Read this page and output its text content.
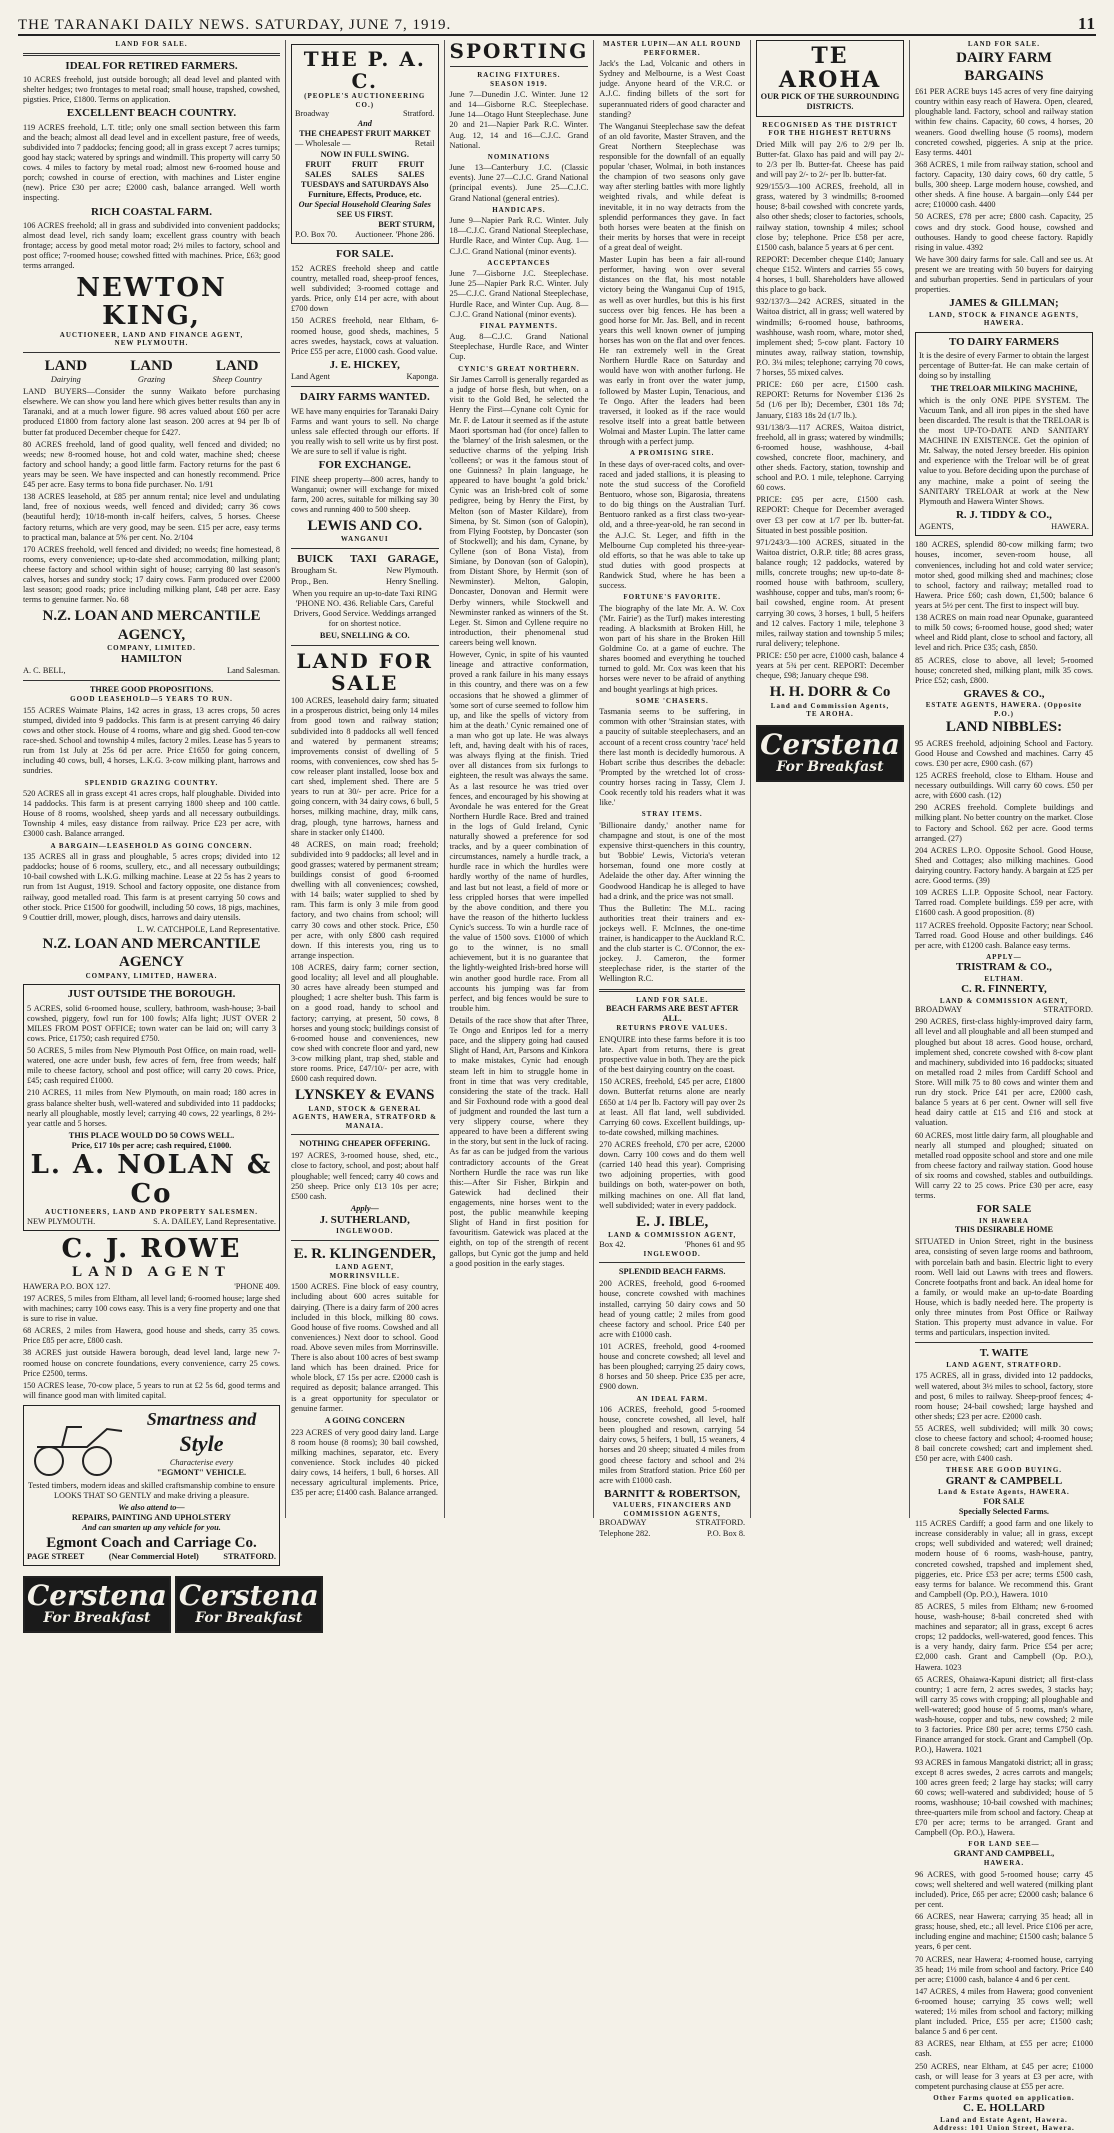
THE TARANAKI DAILY NEWS. SATURDAY, JUNE 7, 1919.	11
LAND FOR SALE.
IDEAL FOR RETIRED FARMERS.

10 ACRES freehold, just outside borough; all dead level and planted with shelter hedges; two frontages to metal road; small house, trapshed, cowshed, pigsties. Price, £1800. Terms on application.

EXCELLENT BEACH COUNTRY.

119 ACRES freehold, L.T. title; only one small section between this farm and the beach; almost all dead level and in excellent pasture, free of weeds, subdivided into 7 paddocks; fencing good; all in grass except 7 acres turnips; good hay stack; watered by springs and windmill. This property will carry 50 cows. 4 miles to factory by metal road; almost new 6-roomed house and porch; cowshed in course of erection, with machines and Lister engine (new). Price £30 per acre; £2000 cash, balance arranged. Well worth inspecting.

RICH COASTAL FARM.

106 ACRES freehold; all in grass and subdivided into convenient paddocks; almost dead level, rich sandy loam; excellent grass country with beach frontage; access by good metal motor road; 2½ miles to factory, school and post office; 7-roomed house; cowshed fitted with machines. Price, £63; good terms arranged.

NEWTON KING,
AUCTIONEER, LAND AND FINANCE AGENT,
NEW PLYMOUTH.
LAND	LAND	LAND
Dairying	Grazing	Sheep Country

LAND BUYERS—Consider the sunny Waikato before purchasing elsewhere. We can show you land here which gives better results than any in Taranaki, and at a much lower figure. 98 acres valued about £60 per acre produced £1800 from factory alone last season. 200 acres at 94 per lb of butter fat produced December cheque for £427.

80 ACRES freehold, land of good quality, well fenced and divided; no weeds; new 8-roomed house, hot and cold water, machine shed; cheese factory and school handy; a good little farm. Factory returns for the past 6 years may be seen. We have inspected and can honestly recommend. Price £45 per acre. Easy terms to bona fide purchaser. No. 1/91

138 ACRES leasehold, at £85 per annum rental; nice level and undulating land, free of noxious weeds, well fenced and divided; carry 36 cows (beautiful herd); 10/18-month in-calf heifers, calves, 5 horses. Cheese factory returns, which are very good, may be seen. £15 per acre, easy terms to practical man, balance at 5% per cent. No. 2/104

170 ACRES freehold, well fenced and divided; no weeds; fine homestead, 8 rooms, every convenience; up-to-date shed accommodation, milking plant; cheese factory and school within sight of house; carrying 80 last season's calves, horses and sundry stock; 17 dairy cows. Farm produced over £2000 last season; good roads; price including milking plant, £48 per acre. Easy terms to genuine farmer. No. 68

N.Z. LOAN AND MERCANTILE AGENCY,
COMPANY, LIMITED.
HAMILTON
A. C. BELL,	Land Salesman.
THREE GOOD PROPOSITIONS.
GOOD LEASEHOLD—5 YEARS TO RUN.

155 ACRES Waimate Plains, 142 acres in grass, 13 acres crops, 50 acres stumped, divided into 9 paddocks. This farm is at present carrying 46 dairy cows and other stock. House of 4 rooms, whare and gig shed. Good ten-cow race-shed. School and township 4 miles, factory 2 miles. Lease has 5 years to run from 1st July at 25s 6d per acre. Price £1650 for going concern, including 40 cows, bull, 4 horses, L.K.G. 3-cow milking plant, harrows and sundries.

SPLENDID GRAZING COUNTRY.

520 ACRES all in grass except 41 acres crops, half ploughable. Divided into 14 paddocks. This farm is at present carrying 1800 sheep and 100 cattle. House of 8 rooms, woolshed, sheep yards and all necessary outbuildings. Township 4 miles, easy distance from railway. Price £23 per acre, with £3000 cash. Balance arranged.

A BARGAIN—LEASEHOLD AS GOING CONCERN.

135 ACRES all in grass and ploughable, 5 acres crops; divided into 12 paddocks; house of 6 rooms, scullery, etc., and all necessary outbuildings; 10-bail cowshed with L.K.G. milking machine. Lease at 22 5s has 2 years to run from 1st August, 1919. School and factory opposite, one distance from railway, good metalled road. This farm is at present carrying 50 cows and other stock. Price £1500 for goodwill, including 50 cows, 18 pigs, machines, 9 Couttier drill, mower, plough, discs, harrows and dairy utensils.

L. W. CATCHPOLE, Land Representative.
N.Z. LOAN AND MERCANTILE AGENCY
COMPANY, LIMITED, HAWERA.
JUST OUTSIDE THE BOROUGH.

5 ACRES, solid 6-roomed house, scullery, bathroom, wash-house; 3-bail cowshed, piggery, fowl run for 100 fowls; Alfa light; JUST OVER 2 MILES FROM POST OFFICE; town water can be laid on; will carry 3 cows. Price, £1750; cash required £750.

50 ACRES, 5 miles from New Plymouth Post Office, on main road, well-watered, one acre under bush, few acres of fern, free from weeds; half mile to cheese factory, school and post office; will carry 20 cows. Price, £45; cash required £1000.

210 ACRES, 11 miles from New Plymouth, on main road; 180 acres in grass balance shelter bush, well-watered and subdivided into 11 paddocks; nearly all ploughable, mostly level; carrying 40 cows, 22 yearlings, 8 2½-year cattle and 5 horses.

THIS PLACE WOULD DO 50 COWS WELL.
Price, £17 10s per acre; cash required, £1000.
L. A. NOLAN & Co
AUCTIONEERS, LAND AND PROPERTY SALESMEN.
NEW PLYMOUTH.	S. A. DAILEY, Land Representative.
C. J. ROWE
LAND AGENT
HAWERA P.O. BOX 127.	'PHONE 409.

197 ACRES, 5 miles from Eltham, all level land; 6-roomed house; large shed with machines; carry 100 cows easy. This is a very fine property and one that is sure to rise in value.

68 ACRES, 2 miles from Hawera, good house and sheds, carry 35 cows. Price £85 per acre, £800 cash.

38 ACRES just outside Hawera borough, dead level land, large new 7-roomed house on concrete foundations, every convenience, carry 25 cows. Price £2500, terms.

150 ACRES lease, 70-cow place, 5 years to run at £2 5s 6d, good terms and will finance good man with limited capital.

Smartness and
Style
Characterise every
"EGMONT" VEHICLE.

Tested timbers, modern ideas and skilled craftsmanship combine to ensure LOOKS THAT SO GENTLY and make driving a pleasure.

We also attend to—
REPAIRS, PAINTING AND UPHOLSTERY
And can smarten up any vehicle for you.
Egmont Coach and Carriage Co.
PAGE STREET	(Near Commercial Hotel)	STRATFORD.
Cerstena
For Breakfast
Cerstena
For Breakfast
THE P. A. C.
(PEOPLE'S AUCTIONEERING CO.)
Broadway	Stratford.
And
THE CHEAPEST FRUIT MARKET
— Wholesale —	Retail
NOW IN FULL SWING.
FRUIT SALES
FRUIT SALES
FRUIT SALES
TUESDAYS and SATURDAYS Also Furniture, Effects, Produce, etc.
Our Special Household Clearing Sales
SEE US FIRST.
BERT STURM,
P.O. Box 70. Auctioneer. 'Phone 286.
FOR SALE.

152 ACRES freehold sheep and cattle country, metalled road, sheep-proof fences, well subdivided; 3-roomed cottage and yards. Price, only £14 per acre, with about £700 down

150 ACRES freehold, near Eltham, 6-roomed house, good sheds, machines, 5 acres swedes, haystack, cows at valuation. Price £55 per acre, £1000 cash. Good value.

J. E. HICKEY,
Land Agent	Kaponga.
DAIRY FARMS WANTED.

WE have many enquiries for Taranaki Dairy Farms and want yours to sell. No charge unless sale effected through our efforts. If you really wish to sell write us by first post. We are sure to sell if value is right.

FOR EXCHANGE.

FINE sheep property—800 acres, handy to Wanganui; owner will exchange for mixed farm, 200 acres, suitable for milking say 30 cows and running 400 to 500 sheep.

LEWIS AND CO.
WANGANUI
BUICK	TAXI GARAGE,
Brougham St.	New Plymouth.
Prop., Ben.	Henry Snelling.

When you require an up-to-date Taxi RING 'PHONE NO. 436. Reliable Cars, Careful Drivers, Good Service. Weddings arranged for on shortest notice.

BEU, SNELLING & CO.
LAND FOR SALE

100 ACRES, leasehold dairy farm; situated in a prosperous district, being only 14 miles from good town and railway station; subdivided into 8 paddocks all well fenced and watered by permanent streams; improvements consist of dwelling of 5 rooms, with conveniences, cow shed has 5-cow releaser plant installed, loose box and cart shed, implement shed. There are 5 years to run at 30/- per acre. Price for a going concern, with 34 dairy cows, 6 bull, 5 horses, milking machine, dray, milk cans, drag, plough, tyne harrows, harness and share in stacker only £1400.

48 ACRES, on main road; freehold; subdivided into 9 paddocks; all level and in good grasses; watered by permanent stream; buildings consist of good 6-roomed dwelling with all conveniences; cowshed, with 14 bails; water supplied to shed by ram. This farm is only 3 mile from good factory, and two chains from school; will carry 30 cows and other stock. Price, £50 per acre, with only £800 cash required down. If this interests you, ring us to arrange inspection.

108 ACRES, dairy farm; corner section, good locality; all level and all ploughable. 30 acres have already been stumped and ploughed; 1 acre shelter bush. This farm is on a good road, handy to school and factory; carrying, at present, 50 cows, 8 horses and young stock; buildings consist of 6-roomed house and conveniences, new cow shed with concrete floor and yard, new 3-cow milking plant, trap shed, stable and store rooms. Price, £47/10/- per acre, with £600 cash required down.

LYNSKEY & EVANS
LAND, STOCK & GENERAL AGENTS, HAWERA, STRATFORD & MANAIA.
NOTHING CHEAPER OFFERING.

197 ACRES, 3-roomed house, shed, etc., close to factory, school, and post; about half ploughable; well fenced; carry 40 cows and 250 sheep. Price only £13 10s per acre; £500 cash.

Apply—
J. SUTHERLAND,
INGLEWOOD.
E. R. KLINGENDER,
LAND AGENT,
MORRINSVILLE.

1500 ACRES. Fine block of easy country, including about 600 acres suitable for dairying. (There is a dairy farm of 200 acres included in this block, milking 80 cows. Good house of five rooms. Cowshed and all conveniences.) Next door to school. Good road. Above seven miles from Morrinsville. There is also about 100 acres of best swamp land which has been drained. Price for whole block, £7 15s per acre. £2000 cash is required as deposit; balance arranged. This is a great opportunity for speculator or genuine farmer.

A GOING CONCERN

223 ACRES of very good dairy land. Large 8 room house (8 rooms); 30 bail cowshed, milking machines, separator, etc. Every convenience. Stock includes 40 picked dairy cows, 14 heifers, 1 bull, 6 horses. All necessary agricultural implements. Price, £35 per acre; £1400 cash. Balance arranged.

SPORTING
RACING FIXTURES.
SEASON 1919.

June 7—Dunedin J.C. Winter. June 12 and 14—Gisborne R.C. Steeplechase. June 14—Otago Hunt Steeplechase. June 20 and 21—Napier Park R.C. Winter. Aug. 12, 14 and 16—C.J.C. Grand National.

NOMINATIONS

June 13—Canterbury J.C. (Classic events). June 27—C.J.C. Grand National (principal events). June 25—C.J.C. Grand National (general entries).

HANDICAPS.

June 9—Napier Park R.C. Winter. July 18—C.J.C. Grand National Steeplechase, Hurdle Race, and Winter Cup. Aug. 1—C.J.C. Grand National (minor events).

ACCEPTANCES

June 7—Gisborne J.C. Steeplechase. June 25—Napier Park R.C. Winter. July 25—C.J.C. Grand National Steeplechase, Hurdle Race, and Winter Cup. Aug. 8—C.J.C. Grand National (minor events).

FINAL PAYMENTS.

Aug. 8—C.J.C. Grand National Steeplechase, Hurdle Race, and Winter Cup.

CYNIC'S GREAT NORTHERN.

Sir James Carroll is generally regarded as a judge of horse flesh, but when, on a visit to the Gold Bed, he selected the Henry the First—Cynane colt Cynic for Mr. F. de Latour it seemed as if the astute Maori sportsman had (for once) fallen to the 'blarney' of the Irish salesmen, or the seductive charms of the yelping Irish 'colleens'; or was it the famous stout of one Guinness? In plain language, he appeared to have bought 'a gold brick.' Cynic was an Irish-bred colt of some pedigree, being by Henry the First, by Melton (son of Master Kildare), from Simena, by St. Simon (son of Galopin), from Flying Footstep, by Doncaster (son of Stockwell); and his dam, Cynane, by Cyllene (son of Bona Vista), from Simiane, by Donovan (son of Galopin), from Distant Shore, by Hermit (son of Newminster). Melton, Galopin, Doncaster, Donovan and Hermit were Derby winners, while Stockwell and Newminster ranked as winners of the St. Leger. St. Simon and Cyllene require no introduction, their phenomenal stud careers being well known.

However, Cynic, in spite of his vaunted lineage and attractive conformation, proved a rank failure in his many essays in this country, and there was on a few occasions that he showed a glimmer of 'some sort of curse seemed to follow him up, and like the spells of victory from him at the death.' Cynic remained one of a man who got up late. He was always left, and, having dealt with his of races, was always flying at the finish. Tried over all distances from six furlongs to eighteen, the result was always the same. As a last resource he was tried over fences, and encouraged by his showing at Avondale he was entered for the Great Northern Hurdle Race. Bred and trained in the logs of Guld Ireland, Cynic naturally showed a preference for sod tracks, and by a queer combination of circumstances, namely a hurdle track, a hurdle race in which the hurdles were hardly worthy of the name of hurdles, and last but not least, a field of more or less crippled horses that were impelled by the above condition, and there you have the reason of the hitherto luckless Cynic's success. To win a hurdle race of the value of 1500 sovs. £1000 of which go to the winner, is no small achievement, but it is no guarantee that the lightly-weighted Irish-bred horse will win another good hurdle race. From all accounts his jumping was far from perfect, and big fences would be sure to trouble him.

Details of the race show that after Three, Te Ongo and Enripos led for a merry pace, and the slippery going had caused Slight of Hand, Art, Parsons and Kinkora to make mistakes, Cynic had enough steam left in him to struggle home in front in time that was very creditable, considering the state of the track. Hall and Sir Foxhound rode with a good deal of judgment and rounded the last turn a very slippery course, where they appeared to have been a different swing in the story, but sent in the luck of racing. As far as can be judged from the various contradictory accounts of the Great Northern Hurdle the race was run like this:—After Sir Fisher, Birkpin and Gatewick had declined their engagements, nine horses went to the post, the public meanwhile keeping Slight of Hand in first position for favouritism. Gatewick was placed at the eighth, on top of the strength of recent gallops, but Cynic got the jump and held a good position in the early stages.

MASTER LUPIN—AN ALL ROUND PERFORMER.

Jack's the Lad, Volcanic and others in Sydney and Melbourne, is a West Coast judge. Anyone heard of the V.R.C. or A.J.C. finding billets of the sort for superannuated riders of good character and standing?

The Wanganui Steeplechase saw the defeat of an old favorite, Master Straven, and the Great Northern Steeplechase was responsible for the downfall of an equally popular 'chaser, Wolmai, in both instances the champion of two seasons only gave way after sterling battles with more lightly weighted rivals, and while defeat is inevitable, it in no way detracts from the splendid performances they gave. In fact both horses were beaten at the finish on their merits by horses that were in receipt of a great deal of weight.

Master Lupin has been a fair all-round performer, having won over several distances on the flat, his most notable victory being the Wanganui Cup of 1915, as well as over hurdles, but this is his first success over big fences. He has been a good horse for Mr. Jas. Bell, and in recent years this well known owner of jumping horses has won on the flat and over fences. He ran extremely well in the Great Northern Hurdle Race on Saturday and would have won with another furlong. He was early in front over the water jump, followed by Master Lupin, Tenacious, and Te Ongo. After the leaders had been traversed, it looked as if the race would resolve itself into a great battle between Wolmai and Master Lupin. The latter came through with a perfect jump.

A PROMISING SIRE.

In these days of over-raced colts, and over-raced and jaded stallions, it is pleasing to note the stud success of the Corofield Bentuoro, whose son, Bigarosia, threatens to do big things on the Australian Turf. Bentuoro ranked as a first class two-year-old, and a three-year-old, he ran second in the A.J.C. St. Leger, and fifth in the Melbourne Cup completed his three-year-old efforts, so that he was able to take up stud duties with good prospects at Randwick Stud, where he has been a success.

FORTUNE'S FAVORITE.

The biography of the late Mr. A. W. Cox ('Mr. Fairie') as the Turf) makes interesting reading. A blacksmith at Broken Hill, he won part of his share in the Broken Hill Goldmine Co. at a game of euchre. The shares boomed and everything he touched turned to gold. Mr. Cox was keen that his horses were never to be afraid of anything and bought yearlings at high prices.

SOME 'CHASERS.

Tasmania seems to be suffering, in common with other 'Strainsian states, with a paucity of suitable steeplechasers, and an account of a recent cross country 'race' held there last month is decidedly humorous. A Hobart scribe thus describes the debacle: 'Prompted by the wretched lot of cross-country horses racing in Tassy, Clem J. Cook recently told his readers what it was like.'

STRAY ITEMS.

'Billionaire dandy,' another name for champagne and stout, is one of the most expensive thirst-quenchers in this country, but 'Bobbie' Lewis, Victoria's veteran horseman, found one more costly at Adelaide the other day. After winning the Goodwood Handicap he is alleged to have had a drink, and the price was not small.

Thus the Bulletin: The M.L. racing authorities treat their trainers and ex-jockeys well. F. McInnes, the one-time trainer, is handicapper to the Auckland R.C. and the club starter is C. O'Connor, the ex-jockey. J. Cameron, the former steeplechase rider, is the starter of the Wellington R.C.

LAND FOR SALE.
BEACH FARMS ARE BEST AFTER ALL.
RETURNS PROVE VALUES.

ENQUIRE into these farms before it is too late. Apart from returns, there is great prospective value in both. They are the pick of the best dairying country on the coast.

150 ACRES, freehold, £45 per acre, £1800 down. Butterfat returns alone are nearly £650 at 1/4 per lb. Factory will pay over 2s at least. All flat land, well subdivided. Carrying 60 cows. Excellent buildings, up-to-date cowshed, milking machines.

270 ACRES freehold, £70 per acre, £2000 down. Carry 100 cows and do them well (carried 140 head this year). Comprising two adjoining properties, with good buildings on both, water-power on both, milking machines on one. All flat land, well subdivided; water in every paddock.

E. J. IBLE,
LAND & COMMISSION AGENT,
Box 42.	'Phones 61 and 95
INGLEWOOD.
SPLENDID BEACH FARMS.

200 ACRES, freehold, good 6-roomed house, concrete cowshed with machines installed, carrying 50 dairy cows and 50 head of young cattle; 2 miles from good cheese factory and school. Price £40 per acre with £1000 cash.

101 ACRES, freehold, good 4-roomed house and concrete cowshed; all level and has been ploughed; carrying 25 dairy cows, 8 horses and 50 sheep. Price £35 per acre, £900 down.

AN IDEAL FARM.

106 ACRES, freehold, good 5-roomed house, concrete cowshed, all level, half been ploughed and resown, carrying 54 dairy cows, 5 heifers, 1 bull, 15 weaners, 4 horses and 20 sheep; situated 4 miles from good cheese factory and school and 2¼ miles from Stratford station. Price £60 per acre with £1000 cash.

BARNITT & ROBERTSON,
VALUERS, FINANCIERS AND COMMISSION AGENTS,
BROADWAY	STRATFORD.
Telephone 282.	P.O. Box 8.
TE AROHA
OUR PICK OF THE SURROUNDING DISTRICTS.
RECOGNISED AS THE DISTRICT FOR THE HIGHEST RETURNS

Dried Milk will pay 2/6 to 2/9 per lb. Butter-fat. Glaxo has paid and will pay 2/- to 2/3 per lb. Butter-fat. Cheese has paid and will pay 2/- to 2/- per lb. butter-fat.

929/155/3—100 ACRES, freehold, all in grass, watered by 3 windmills; 8-roomed house; 8-bail cowshed with concrete yards, also other sheds; closer to factories, schools, railway station, township 4 miles; school close by; telephone. Price £58 per acre, £1500 cash, balance 5 years at 6 per cent.

REPORT: December cheque £140; January cheque £152. Winters and carries 55 cows, 4 horses, 1 bull. Shareholders have allowed this place to go back.

932/137/3—242 ACRES, situated in the Waitoa district, all in grass; well watered by windmills; 6-roomed house, bathrooms, washhouse, wash room, whare, motor shed, implement shed; 5-cow plant. Factory 10 minutes away, railway station, township, P.O. 3¼ miles; telephone; carrying 70 cows, 7 horses, 55 mixed calves.

PRICE: £60 per acre, £1500 cash. REPORT: Returns for November £136 2s 5d (1/6 per lb); December, £301 18s 7d; January, £183 18s 2d (1/7 lb.).

931/138/3—117 ACRES, Waitoa district, freehold, all in grass; watered by windmills; 6-roomed house, washhouse, 4-bail cowshed, concrete floor, machinery, and other sheds. Factory, station, township and school and P.O. 1 mile, telephone. Carrying 60 cows.

PRICE: £95 per acre, £1500 cash. REPORT: Cheque for December averaged over £3 per cow at 1/7 per lb. butter-fat. Situated in best possible position.

971/243/3—100 ACRES, situated in the Waitoa district, O.R.P. title; 88 acres grass, balance rough; 12 paddocks, watered by mills, concrete troughs; new up-to-date 8-roomed house with bathroom, scullery, washhouse, copper and tubs, man's room; 6-bail cowshed, engine room. At present carrying 30 cows, 3 horses, 1 bull, 5 heifers and 12 calves. Factory 1 mile, telephone 3 miles, railway station and township 5 miles; rural delivery; telephone.

PRICE: £50 per acre, £1000 cash, balance 4 years at 5¾ per cent. REPORT: December cheque, £98; January cheque £98.

H. H. DORR & Co
Land and Commission Agents,
TE AROHA.
Cerstena
For Breakfast
LAND FOR SALE.
DAIRY FARM BARGAINS

£61 PER ACRE buys 145 acres of very fine dairying country within easy reach of Hawera. Open, cleared, ploughable land. Factory, school and railway station within few chains. Capacity, 60 cows, 4 horses, 20 weaners. Good dwelling house (5 rooms), modern concreted cowshed, piggeries. A snip at the price. Easy terms. 4401

368 ACRES, 1 mile from railway station, school and factory. Capacity, 130 dairy cows, 60 dry cattle, 5 bulls, 300 sheep. Large modern house, cowshed, and other sheds. A fine house. A bargain—only £44 per acre; £10000 cash. 4400

50 ACRES, £78 per acre; £800 cash. Capacity, 25 cows and dry stock. Good house, cowshed and outhouses. Handy to good cheese factory. Rapidly rising in value. 4392

We have 300 dairy farms for sale. Call and see us. At present we are treating with 50 buyers for dairying and suburban properties. Send in particulars of your properties.

JAMES & GILLMAN;
LAND, STOCK & FINANCE AGENTS, HAWERA.
TO DAIRY FARMERS

It is the desire of every Farmer to obtain the largest percentage of Butter-fat. He can make certain of doing so by installing

THE TRELOAR MILKING MACHINE,

which is the only ONE PIPE SYSTEM. The Vacuum Tank, and all iron pipes in the shed have been discarded. The result is that the TRELOAR is the most UP-TO-DATE AND SANITARY MACHINE IN EXISTENCE. Get the opinion of Mr. Salway, the noted Jersey breeder. His opinion and experience with the Treloar will be of great value to you. Before deciding upon the purchase of any machine, make a point of seeing the SANITARY TRELOAR at work at the New Plymouth and Hawera Winter Shows.

R. J. TIDDY & CO.,
AGENTS,	HAWERA.

180 ACRES, splendid 80-cow milking farm; two houses, incomer, seven-room house, all conveniences, including hot and cold water service; motor shed, good milking shed and machines; close to school, factory and railway; metalled road to Hawera. Price £60; cash down, £1,500; balance 6 years at 5½ per cent. The first to inspect will buy.

138 ACRES on main road near Opunake, guaranteed to milk 50 cows; 6-roomed house, good shed; water wheel and Ridd plant, close to school and factory, all level and rich. Price £35; cash, £850.

85 ACRES, close to above, all level; 5-roomed house; concreted shed, milking plant, milk 35 cows. Price £52; cash, £800.

GRAVES & CO.,
ESTATE AGENTS, HAWERA. (Opposite P.O.)
LAND NIBBLES:

95 ACRES freehold, adjoining School and Factory. Good House and Cowshed and machines. Carry 45 cows. £30 per acre, £900 cash. (67)

125 ACRES freehold, close to Eltham. House and necessary outbuildings. Will carry 60 cows. £50 per acre, with £600 cash. (12)

290 ACRES freehold. Complete buildings and milking plant. No better country on the market. Close to Factory and School. £62 per acre. Good terms arranged. (27)

204 ACRES L.P.O. Opposite School. Good House, Shed and Cottages; also milking machines. Good dairying country. Factory handy. A bargain at £25 per acre. Good terms. (39)

109 ACRES L.I.P. Opposite School, near Factory. Tarred road. Complete buildings. £59 per acre, with £1600 cash. A good proposition. (8)

117 ACRES freehold. Opposite Factory; near School. Tarred road. Good House and other buildings. £46 per acre, with £1200 cash. Balance easy terms.

APPLY—
TRISTRAM & CO.,
ELTHAM.
C. R. FINNERTY,
LAND & COMMISSION AGENT,
BROADWAY	STRATFORD.

290 ACRES, first-class highly-improved dairy farm, all level and all ploughable and all been stumped and ploughed but about 18 acres. Good house, orchard, implement shed, concrete cowshed with 8-cow plant and machinery, subdivided into 16 paddocks; situated on metalled road 2 miles from Cardiff School and Store. Will milk 75 to 80 cows and winter them and run dry stock. Price £41 per acre, £2000 cash, balance 5 years at 6 per cent. Owner will sell five head dairy cattle at £15 and £16 and stock at valuation.

60 ACRES, most little dairy farm, all ploughable and nearly all stumped and ploughed; situated on metalled road opposite school and store and one mile from cheese factory and railway station. Good house of six rooms and cowshed, stables and outbuildings. Will carry 22 to 25 cows. Price £30 per acre, easy terms.

FOR SALE
IN HAWERA
THIS DESIRABLE HOME

SITUATED in Union Street, right in the business area, consisting of seven large rooms and bathroom, with porcelain bath and basin. Electric light to every room. Well laid out Lawns with trees and flowers. Concrete footpaths front and back. An ideal home for a family, or would make an up-to-date Boarding House, which is badly needed here. The property is only three minutes from Post Office or Railway Station. This property must advance in value. For terms and particulars, inspection invited.

T. WAITE
LAND AGENT, STRATFORD.

175 ACRES, all in grass, divided into 12 paddocks, well watered, about 3½ miles to school, factory, store and post, 6 miles to railway. Sheep-proof fences; 4-room house; 24-bail cowshed; large hayshed and other sheds; £23 per acre. £2000 cash.

55 ACRES, well subdivided; will milk 30 cows; close to cheese factory and school; 4-roomed house; 8 bail concrete cowshed; cart and implement shed. £50 per acre, with £400 cash.

THESE ARE GOOD BUYING.
GRANT & CAMPBELL
Land & Estate Agents, HAWERA.
FOR SALE
Specially Selected Farms.

115 ACRES Cardiff; a good farm and one likely to increase considerably in value; all in grass, except crops; well subdivided and watered; well drained; modern house of 6 rooms, wash-house, pantry, concreted cowshed, trapshed and implement shed, piggeries, etc. Price £53 per acre; terms £500 cash, easy terms for balance. We recommend this. Grant and Campbell (Op. P.O.), Hawera. 1010

85 ACRES, 5 miles from Eltham; new 6-roomed house, wash-house; 8-bail concreted shed with machines and separator; all in grass, except 6 acres crops; 12 paddocks, well-watered, good fences. This is a very handy, dairy farm. Price £54 per acre; £2,000 cash. Grant and Campbell (Op. P.O.), Hawera. 1023

65 ACRES, Ohaiawa-Kapuni district; all first-class country; 1 acre fern, 2 acres swedes, 3 stacks hay; will carry 35 cows with cropping; all ploughable and well-watered; good house of 5 rooms, man's whare, wash-house, copper and tubs, new cowshed; 2 mile to 3 factories. Price £80 per acre; terms £750 cash. Finance arranged for stock. Grant and Campbell (Op. P.O.), Hawera. 1021

93 ACRES in famous Mangatoki district; all in grass; except 8 acres swedes, 2 acres carrots and mangels; 100 acres green feed; 2 large hay stacks; will carry 60 cows; well-watered and subdivided; house of 5 rooms, washhouse; 10-bail cowshed with machines; three-quarters mile from school and factory. Cheap at £70 per acre; terms to be arranged. Grant and Campbell (Op. P.O.), Hawera.

FOR LAND SEE—
GRANT AND CAMPBELL,
HAWERA.

96 ACRES, with good 5-roomed house; carry 45 cows; well sheltered and well watered (milking plant included). Price, £65 per acre; £2000 cash; balance 6 per cent.

66 ACRES, near Hawera; carrying 35 head; all in grass; house, shed, etc.; all level. Price £106 per acre, including engine and machine; £1500 cash; balance 5 years, 6 per cent.

70 ACRES, near Hawera; 4-roomed house, carrying 35 head; 1½ mile from school and factory. Price £40 per acre; £1000 cash, balance 4 and 6 per cent.

147 ACRES, 4 miles from Hawera; good convenient 6-roomed house; carrying 35 cows well; well watered; 1½ miles from school and factory; milking plant included. Price, £55 per acre; £1500 cash; balance 5 and 6 per cent.

83 ACRES, near Eltham, at £55 per acre; £1000 cash.

250 ACRES, near Eltham, at £45 per acre; £1000 cash, or will lease for 3 years at £3 per acre, with competent purchasing clause at £55 per acre.

Other Farms quoted on application.
C. E. HOLLARD
Land and Estate Agent, Hawera.
Address: 101 Union Street, Hawera.
